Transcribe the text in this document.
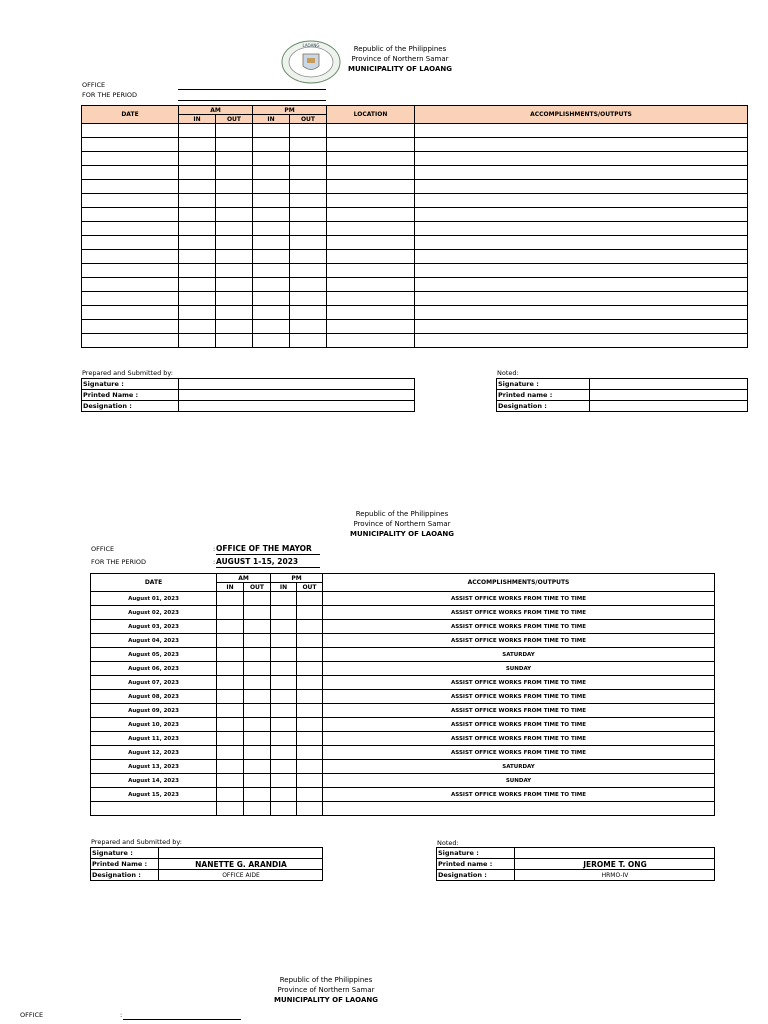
LAOANG	Republic of the Philippines
Province of Northern Samar
MUNICIPALITY OF LAOANG
OFFICE
FOR THE PERIOD
DATE	AM		PM		LOCATION	ACCOMPLISHMENTS/OUTPUTS
	IN	OUT	IN	OUT		

Prepared and Submitted by:
Signature :	
Printed Name :	
Designation :	
Noted:
Signature :	
Printed name :	
Designation :	
Republic of the Philippines
Province of Northern Samar
MUNICIPALITY OF LAOANG
OFFICE
FOR THE PERIOD
:
:
OFFICE OF THE MAYOR
AUGUST 1-15, 2023
DATE	AM		PM		ACCOMPLISHMENTS/OUTPUTS
	IN	OUT	IN	OUT	
August 01, 2023					ASSIST OFFICE WORKS FROM TIME TO TIME
August 02, 2023					ASSIST OFFICE WORKS FROM TIME TO TIME
August 03, 2023					ASSIST OFFICE WORKS FROM TIME TO TIME
August 04, 2023					ASSIST OFFICE WORKS FROM TIME TO TIME
August 05, 2023					SATURDAY
August 06, 2023					SUNDAY
August 07, 2023					ASSIST OFFICE WORKS FROM TIME TO TIME
August 08, 2023					ASSIST OFFICE WORKS FROM TIME TO TIME
August 09, 2023					ASSIST OFFICE WORKS FROM TIME TO TIME
August 10, 2023					ASSIST OFFICE WORKS FROM TIME TO TIME
August 11, 2023					ASSIST OFFICE WORKS FROM TIME TO TIME
August 12, 2023					ASSIST OFFICE WORKS FROM TIME TO TIME
August 13, 2023					SATURDAY
August 14, 2023					SUNDAY
August 15, 2023					ASSIST OFFICE WORKS FROM TIME TO TIME

Prepared and Submitted by:
Signature :	
Printed Name :	NANETTE G. ARANDIA
Designation :	OFFICE AIDE
Noted:
Signature :	
Printed name :	JEROME T. ONG
Designation :	HRMO-IV
Republic of the Philippines
Province of Northern Samar
MUNICIPALITY OF LAOANG
OFFICE	:
